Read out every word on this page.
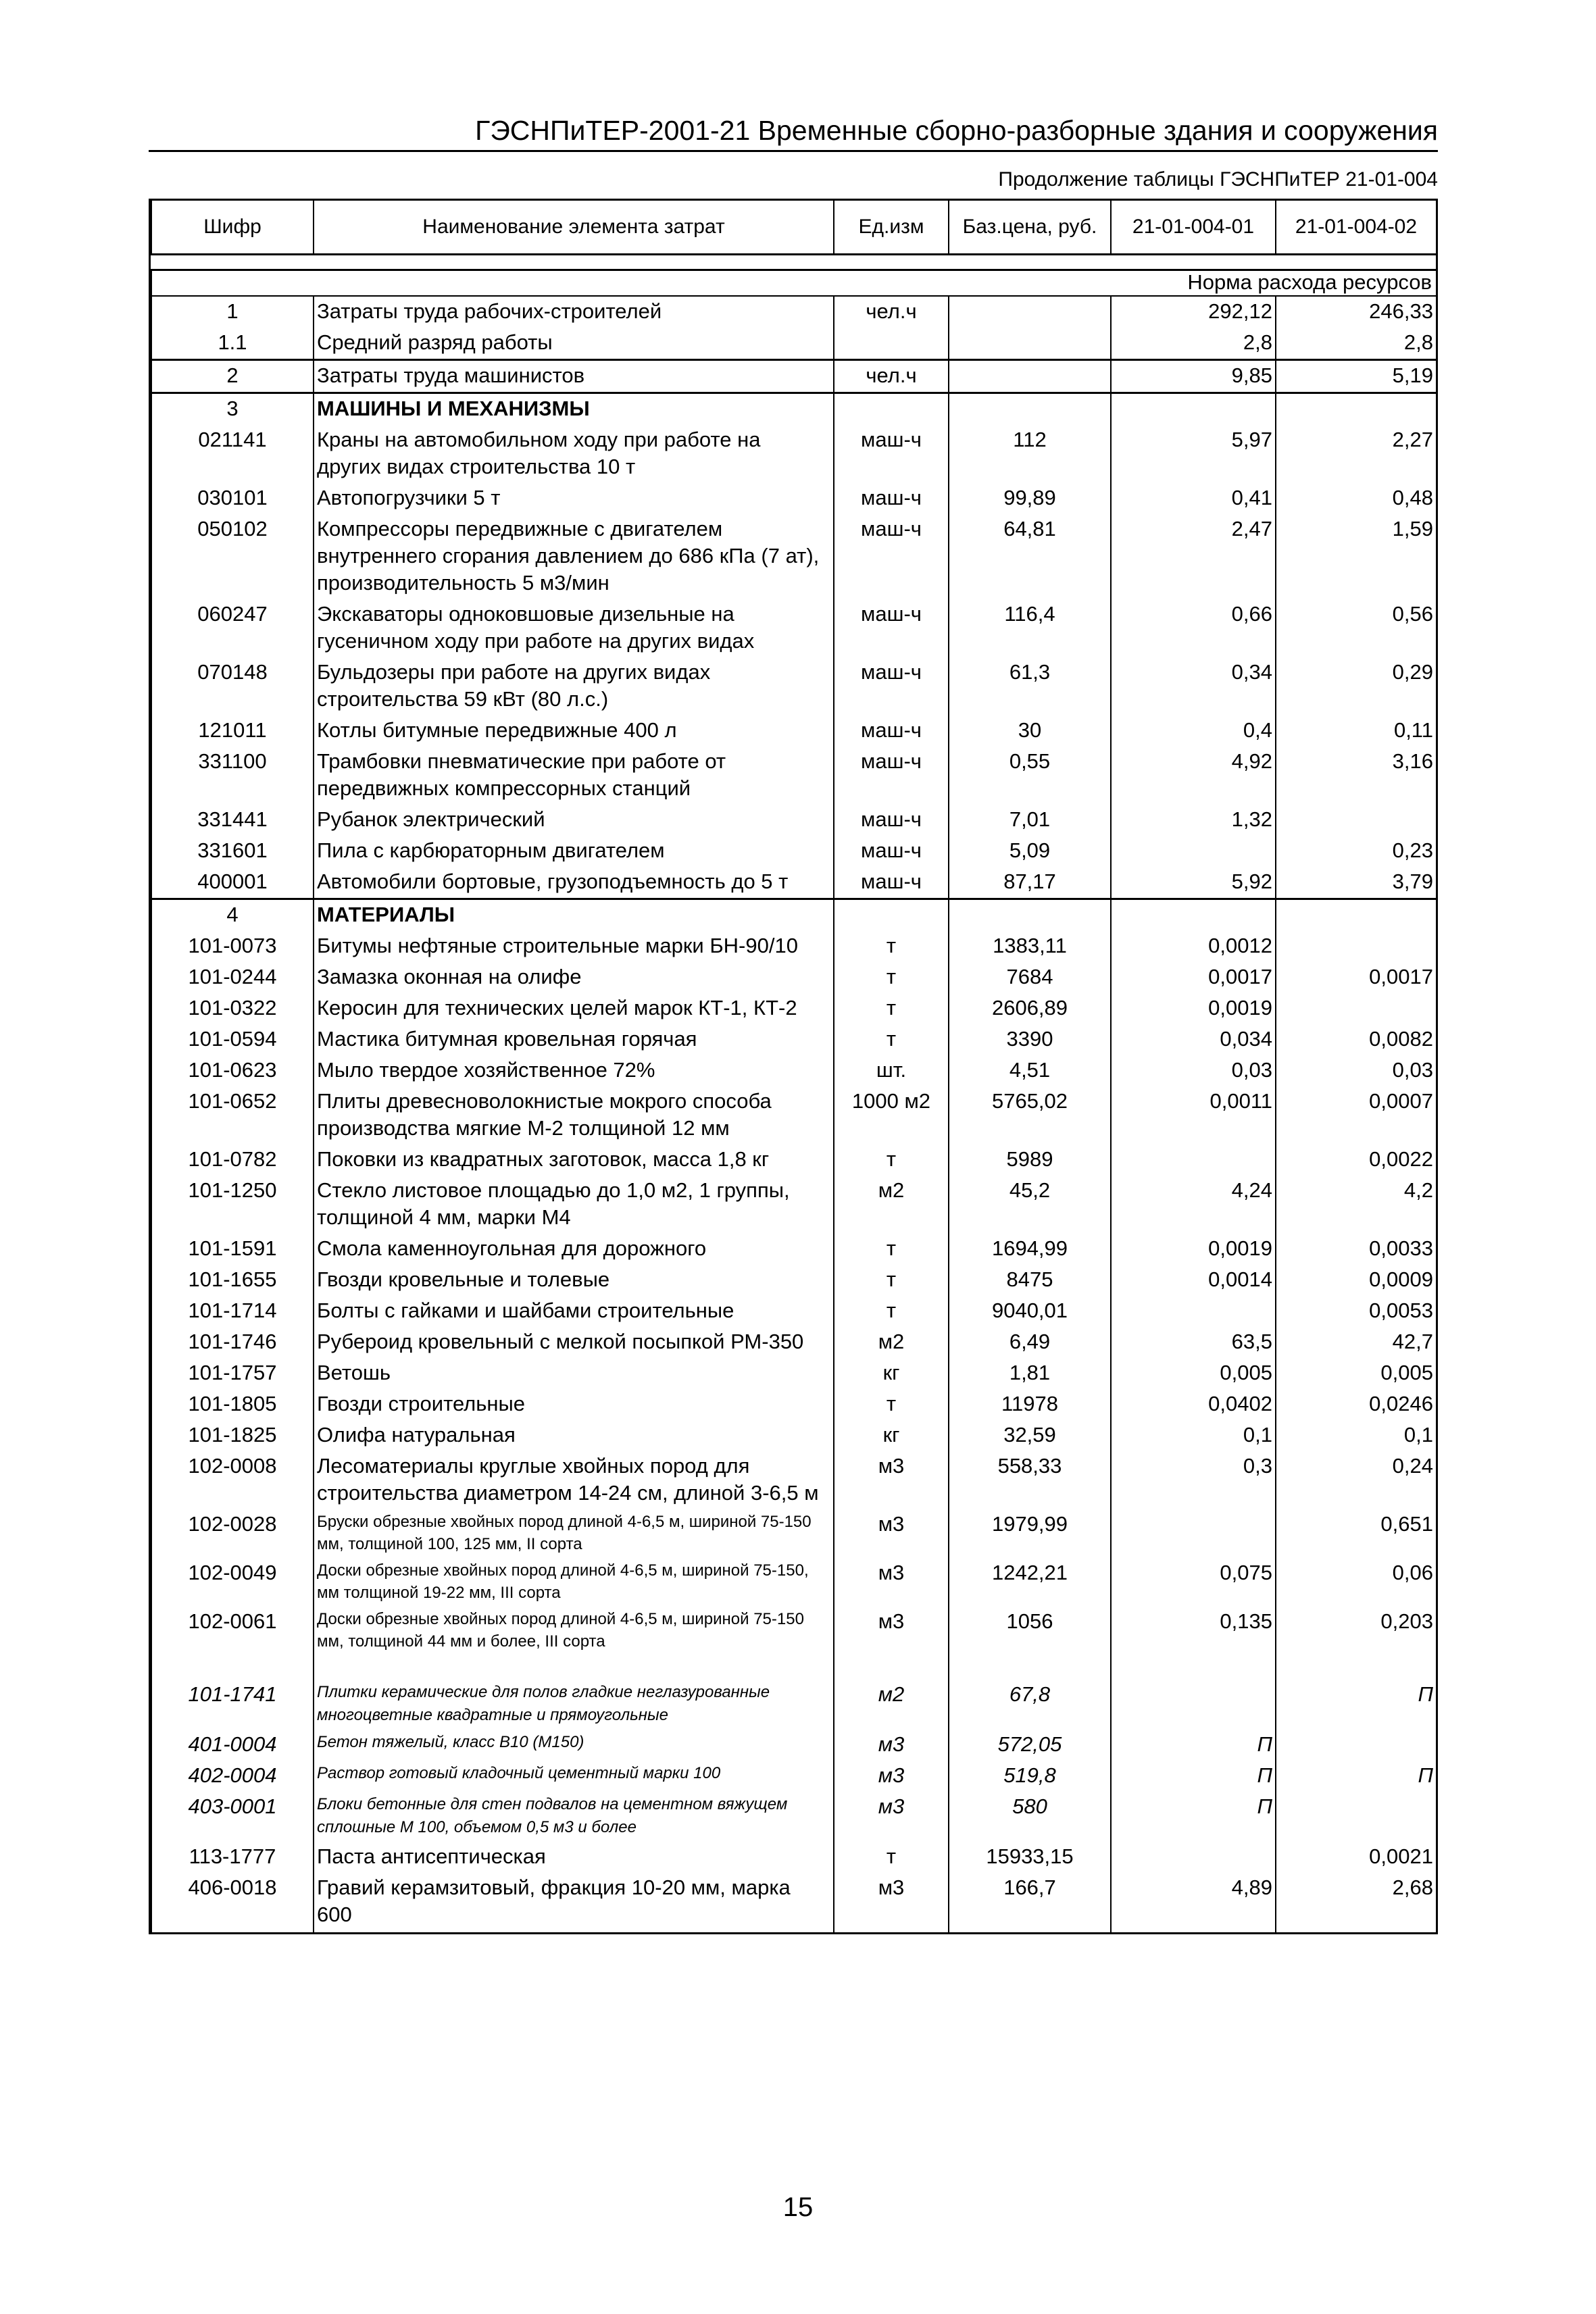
ГЭСНПиТЕР-2001-21 Временные сборно-разборные здания и сооружения
Продолжение таблицы ГЭСНПиТЕР 21-01-004
Шифр	Наименование элемента затрат	Ед.изм	Баз.цена, руб.	21-01-004-01	21-01-004-02

				Норма расхода ресурсов	
1	Затраты труда рабочих-строителей	чел.ч		292,12	246,33
1.1	Средний разряд работы			2,8	2,8
2	Затраты труда машинистов	чел.ч		9,85	5,19
3	МАШИНЫ И МЕХАНИЗМЫ				
021141	Краны на автомобильном ходу при работе на других видах строительства 10 т	маш-ч	112	5,97	2,27
030101	Автопогрузчики 5 т	маш-ч	99,89	0,41	0,48
050102	Компрессоры передвижные с двигателем внутреннего сгорания давлением до 686 кПа (7 ат), производительность 5 м3/мин	маш-ч	64,81	2,47	1,59
060247	Экскаваторы одноковшовые дизельные на гусеничном ходу при работе на других видах	маш-ч	116,4	0,66	0,56
070148	Бульдозеры при работе на других видах строительства 59 кВт (80 л.с.)	маш-ч	61,3	0,34	0,29
121011	Котлы битумные передвижные 400 л	маш-ч	30	0,4	0,11
331100	Трамбовки пневматические при работе от передвижных компрессорных станций	маш-ч	0,55	4,92	3,16
331441	Рубанок электрический	маш-ч	7,01	1,32	
331601	Пила с карбюраторным двигателем	маш-ч	5,09		0,23
400001	Автомобили бортовые, грузоподъемность до 5 т	маш-ч	87,17	5,92	3,79
4	МАТЕРИАЛЫ				
101-0073	Битумы нефтяные строительные марки БН-90/10	т	1383,11	0,0012	
101-0244	Замазка оконная на олифе	т	7684	0,0017	0,0017
101-0322	Керосин для технических целей марок КТ-1, КТ-2	т	2606,89	0,0019	
101-0594	Мастика битумная кровельная горячая	т	3390	0,034	0,0082
101-0623	Мыло твердое хозяйственное 72%	шт.	4,51	0,03	0,03
101-0652	Плиты древесноволокнистые мокрого способа производства мягкие М-2 толщиной 12 мм	1000 м2	5765,02	0,0011	0,0007
101-0782	Поковки из квадратных заготовок, масса 1,8 кг	т	5989		0,0022
101-1250	Стекло листовое площадью до 1,0 м2, 1 группы, толщиной 4 мм, марки М4	м2	45,2	4,24	4,2
101-1591	Смола каменноугольная для дорожного	т	1694,99	0,0019	0,0033
101-1655	Гвозди кровельные и толевые	т	8475	0,0014	0,0009
101-1714	Болты с гайками и шайбами строительные	т	9040,01		0,0053
101-1746	Рубероид кровельный с мелкой посыпкой РМ-350	м2	6,49	63,5	42,7
101-1757	Ветошь	кг	1,81	0,005	0,005
101-1805	Гвозди строительные	т	11978	0,0402	0,0246
101-1825	Олифа натуральная	кг	32,59	0,1	0,1
102-0008	Лесоматериалы круглые хвойных пород для строительства диаметром 14-24 см, длиной 3-6,5 м	м3	558,33	0,3	0,24
102-0028	Бруски обрезные хвойных пород длиной 4-6,5 м, шириной 75-150 мм, толщиной 100, 125 мм, II сорта	м3	1979,99		0,651
102-0049	Доски обрезные хвойных пород длиной 4-6,5 м, шириной 75-150, мм толщиной 19-22 мм, III сорта	м3	1242,21	0,075	0,06
102-0061	Доски обрезные хвойных пород длиной 4-6,5 м, шириной 75-150 мм, толщиной 44 мм и более, III сорта	м3	1056	0,135	0,203

101-1741	Плитки керамические для полов гладкие неглазурованные многоцветные квадратные и прямоугольные	м2	67,8		П
401-0004	Бетон тяжелый, класс В10 (М150)	м3	572,05	П	
402-0004	Раствор готовый кладочный цементный марки 100	м3	519,8	П	П
403-0001	Блоки бетонные для стен подвалов на цементном вяжущем сплошные М 100, объемом 0,5 м3 и более	м3	580	П	
113-1777	Паста антисептическая	т	15933,15		0,0021
406-0018	Гравий керамзитовый, фракция 10-20 мм, марка 600	м3	166,7	4,89	2,68
15
